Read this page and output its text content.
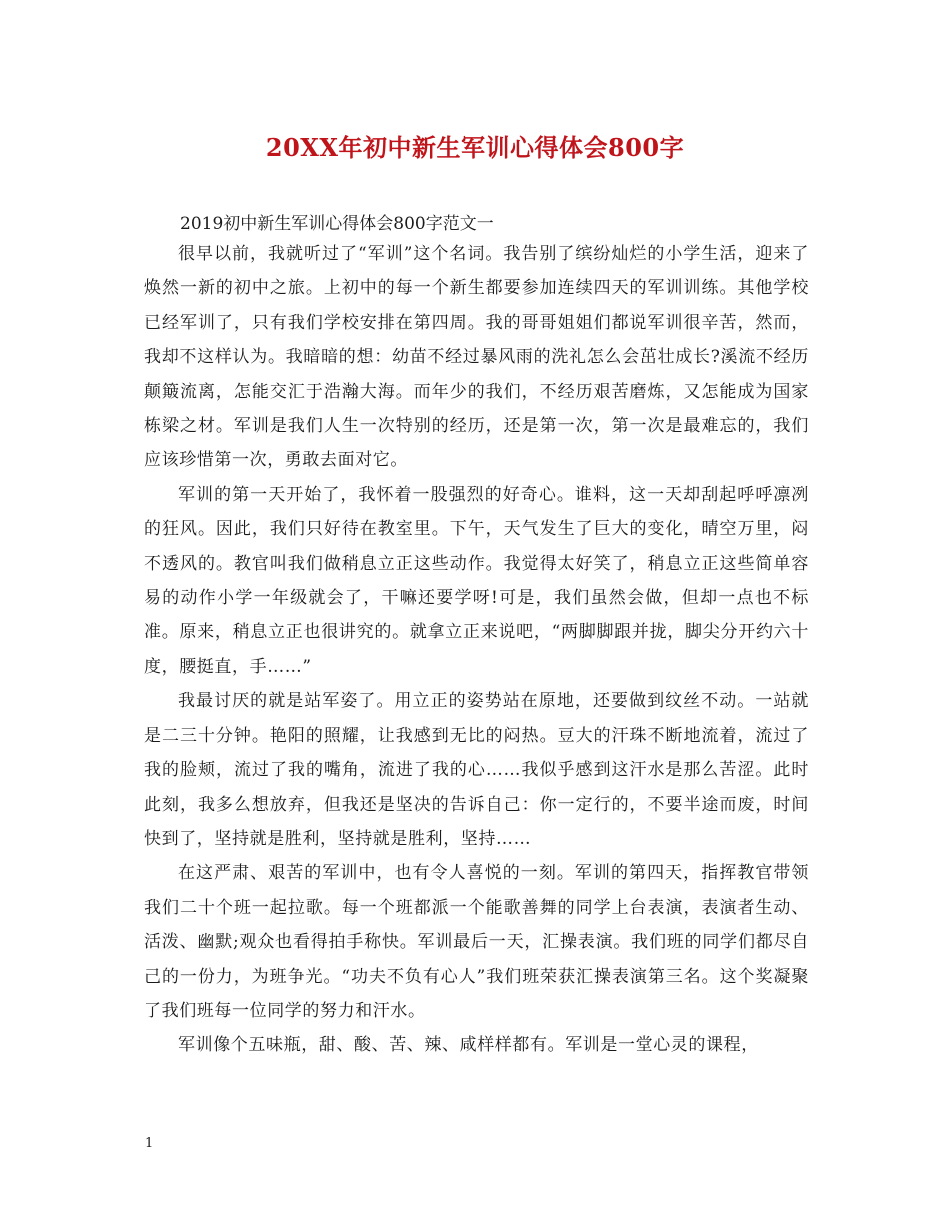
20XX年初中新生军训心得体会800字
2019初中新生军训心得体会800字范文一

很早以前，我就听过了“军训”这个名词。我告别了缤纷灿烂的小学生活，迎来了焕然一新的初中之旅。上初中的每一个新生都要参加连续四天的军训训练。其他学校已经军训了，只有我们学校安排在第四周。我的哥哥姐姐们都说军训很辛苦，然而，我却不这样认为。我暗暗的想：幼苗不经过暴风雨的洗礼怎么会茁壮成长?溪流不经历颠簸流离，怎能交汇于浩瀚大海。而年少的我们，不经历艰苦磨炼，又怎能成为国家栋梁之材。军训是我们人生一次特别的经历，还是第一次，第一次是最难忘的，我们应该珍惜第一次，勇敢去面对它。

军训的第一天开始了，我怀着一股强烈的好奇心。谁料，这一天却刮起呼呼凛冽的狂风。因此，我们只好待在教室里。下午，天气发生了巨大的变化，晴空万里，闷不透风的。教官叫我们做稍息立正这些动作。我觉得太好笑了，稍息立正这些简单容易的动作小学一年级就会了，干嘛还要学呀!可是，我们虽然会做，但却一点也不标准。原来，稍息立正也很讲究的。就拿立正来说吧，“两脚脚跟并拢，脚尖分开约六十度，腰挺直，手……”

我最讨厌的就是站军姿了。用立正的姿势站在原地，还要做到纹丝不动。一站就是二三十分钟。艳阳的照耀，让我感到无比的闷热。豆大的汗珠不断地流着，流过了我的脸颊，流过了我的嘴角，流进了我的心……我似乎感到这汗水是那么苦涩。此时此刻，我多么想放弃，但我还是坚决的告诉自己：你一定行的，不要半途而废，时间快到了，坚持就是胜利，坚持就是胜利，坚持……

在这严肃、艰苦的军训中，也有令人喜悦的一刻。军训的第四天，指挥教官带领我们二十个班一起拉歌。每一个班都派一个能歌善舞的同学上台表演，表演者生动、活泼、幽默;观众也看得拍手称快。军训最后一天，汇操表演。我们班的同学们都尽自己的一份力，为班争光。“功夫不负有心人”我们班荣获汇操表演第三名。这个奖凝聚了我们班每一位同学的努力和汗水。

军训像个五味瓶，甜、酸、苦、辣、咸样样都有。军训是一堂心灵的课程，

1
